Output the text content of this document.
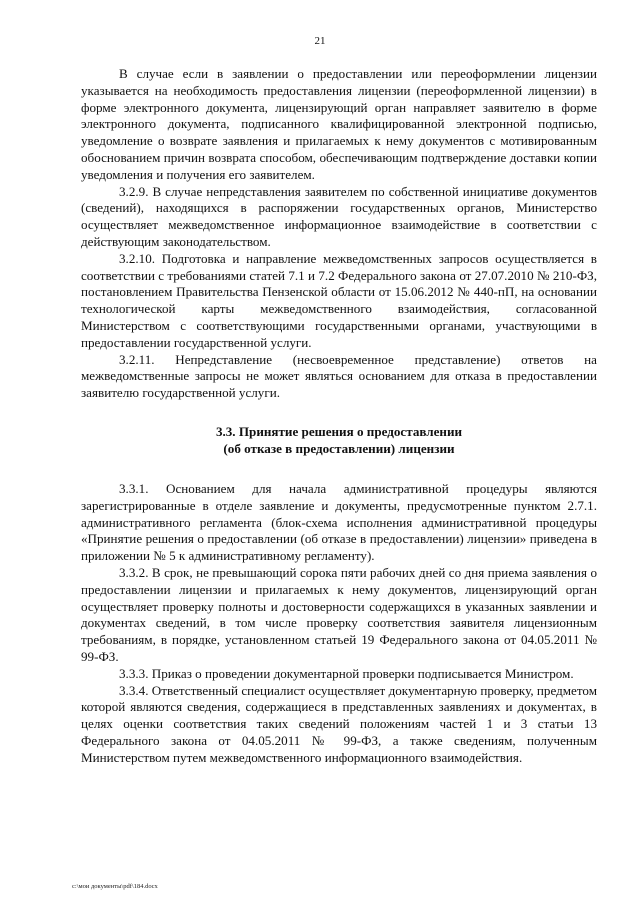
21

В случае если в заявлении о предоставлении или переоформлении лицензии указывается на необходимость предоставления лицензии (переоформленной лицензии) в форме электронного документа, лицензирующий орган направляет заявителю в форме электронного документа, подписанного квалифицированной электронной подписью, уведомление о возврате заявления и прилагаемых к нему документов с мотивированным обоснованием причин возврата способом, обеспечивающим подтверждение доставки копии уведомления и получения его заявителем.

3.2.9. В случае непредставления заявителем по собственной инициативе документов (сведений), находящихся в распоряжении государственных органов, Министерство осуществляет межведомственное информационное взаимодействие в соответствии с действующим законодательством.

3.2.10. Подготовка и направление межведомственных запросов осуществляется в соответствии с требованиями статей 7.1 и 7.2 Федерального закона от 27.07.2010 № 210-ФЗ, постановлением Правительства Пензенской области от 15.06.2012 № 440-пП, на основании технологической карты межведомственного взаимодействия, согласованной Министерством с соответствующими государственными органами, участвующими в предоставлении государственной услуги.

3.2.11. Непредставление (несвоевременное представление) ответов на межведомственные запросы не может являться основанием для отказа в предоставлении заявителю государственной услуги.

3.3. Принятие решения о предоставлении
(об отказе в предоставлении) лицензии

3.3.1. Основанием для начала административной процедуры являются зарегистрированные в отделе заявление и документы, предусмотренные пунктом 2.7.1. административного регламента (блок-схема исполнения административной процедуры «Принятие решения о предоставлении (об отказе в предоставлении) лицензии» приведена в приложении № 5 к административному регламенту).

3.3.2. В срок, не превышающий сорока пяти рабочих дней со дня приема заявления о предоставлении лицензии и прилагаемых к нему документов, лицензирующий орган осуществляет проверку полноты и достоверности содержащихся в указанных заявлении и документах сведений, в том числе проверку соответствия заявителя лицензионным требованиям, в порядке, установленном статьей 19 Федерального закона от 04.05.2011 № 99-ФЗ.

3.3.3. Приказ о проведении документарной проверки подписывается Министром.

3.3.4. Ответственный специалист осуществляет документарную проверку, предметом которой являются сведения, содержащиеся в представленных заявлениях и документах, в целях оценки соответствия таких сведений положениям частей 1 и 3 статьи 13 Федерального закона от 04.05.2011 № 99-ФЗ, а также сведениям, полученным Министерством путем межведомственного информационного взаимодействия.

c:\мои документы\pdf\184.docx
